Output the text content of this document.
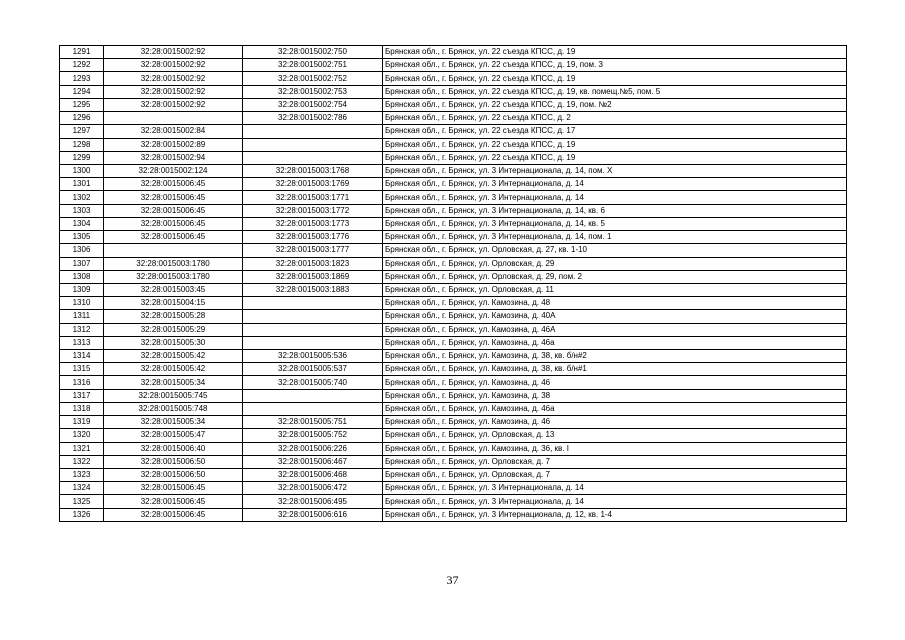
1291	32:28:0015002:92	32:28:0015002:750	Брянская обл., г. Брянск, ул. 22 съезда КПСС, д. 19
1292	32:28:0015002:92	32:28:0015002:751	Брянская обл., г. Брянск, ул. 22 съезда КПСС, д. 19, пом. 3
1293	32:28:0015002:92	32:28:0015002:752	Брянская обл., г. Брянск, ул. 22 съезда КПСС, д. 19
1294	32:28:0015002:92	32:28:0015002:753	Брянская обл., г. Брянск, ул. 22 съезда КПСС, д. 19, кв. помещ.№5, пом. 5
1295	32:28:0015002:92	32:28:0015002:754	Брянская обл., г. Брянск, ул. 22 съезда КПСС, д. 19, пом. №2
1296		32:28:0015002:786	Брянская обл., г. Брянск, ул. 22 съезда КПСС, д. 2
1297	32:28:0015002:84		Брянская обл., г. Брянск, ул. 22 съезда КПСС, д. 17
1298	32:28:0015002:89		Брянская обл., г. Брянск, ул. 22 съезда КПСС, д. 19
1299	32:28:0015002:94		Брянская обл., г. Брянск, ул. 22 съезда КПСС, д. 19
1300	32:28:0015002:124	32:28:0015003:1768	Брянская обл., г. Брянск, ул. 3 Интернационала, д. 14, пом. X
1301	32:28:0015006:45	32:28:0015003:1769	Брянская обл., г. Брянск, ул. 3 Интернационала, д. 14
1302	32:28:0015006:45	32:28:0015003:1771	Брянская обл., г. Брянск, ул. 3 Интернационала, д. 14
1303	32:28:0015006:45	32:28:0015003:1772	Брянская обл., г. Брянск, ул. 3 Интернационала, д. 14, кв. 6
1304	32:28:0015006:45	32:28:0015003:1773	Брянская обл., г. Брянск, ул. 3 Интернационала, д. 14, кв. 5
1305	32:28:0015006:45	32:28:0015003:1776	Брянская обл., г. Брянск, ул. 3 Интернационала, д. 14, пом. 1
1306		32:28:0015003:1777	Брянская обл., г. Брянск, ул. Орловская, д. 27, кв. 1-10
1307	32:28:0015003:1780	32:28:0015003:1823	Брянская обл., г. Брянск, ул. Орловская, д. 29
1308	32:28:0015003:1780	32:28:0015003:1869	Брянская обл., г. Брянск, ул. Орловская, д. 29, пом. 2
1309	32:28:0015003:45	32:28:0015003:1883	Брянская обл., г. Брянск, ул. Орловская, д. 11
1310	32:28:0015004:15		Брянская обл., г. Брянск, ул. Камозина, д. 48
1311	32:28:0015005:28		Брянская обл., г. Брянск, ул. Камозина, д. 40А
1312	32:28:0015005:29		Брянская обл., г. Брянск, ул. Камозина, д. 46А
1313	32:28:0015005:30		Брянская обл., г. Брянск, ул. Камозина, д. 46а
1314	32:28:0015005:42	32:28:0015005:536	Брянская обл., г. Брянск, ул. Камозина, д. 38, кв. б/н#2
1315	32:28:0015005:42	32:28:0015005:537	Брянская обл., г. Брянск, ул. Камозина, д. 38, кв. б/н#1
1316	32:28:0015005:34	32:28:0015005:740	Брянская обл., г. Брянск, ул. Камозина, д. 46
1317	32:28:0015005:745		Брянская обл., г. Брянск, ул. Камозина, д. 38
1318	32:28:0015005:748		Брянская обл., г. Брянск, ул. Камозина, д. 46а
1319	32:28:0015005:34	32:28:0015005:751	Брянская обл., г. Брянск, ул. Камозина, д. 46
1320	32:28:0015005:47	32:28:0015005:752	Брянская обл., г. Брянск, ул. Орловская, д. 13
1321	32:28:0015006:40	32:28:0015006:226	Брянская обл., г. Брянск, ул. Камозина, д. 36, кв. I
1322	32:28:0015006:50	32:28:0015006:467	Брянская обл., г. Брянск, ул. Орловская, д. 7
1323	32:28:0015006:50	32:28:0015006:468	Брянская обл., г. Брянск, ул. Орловская, д. 7
1324	32:28:0015006:45	32:28:0015006:472	Брянская обл., г. Брянск, ул. 3 Интернационала, д. 14
1325	32:28:0015006:45	32:28:0015006:495	Брянская обл., г. Брянск, ул. 3 Интернационала, д. 14
1326	32:28:0015006:45	32:28:0015006:616	Брянская обл., г. Брянск, ул. 3 Интернационала, д. 12, кв. 1-4
37
